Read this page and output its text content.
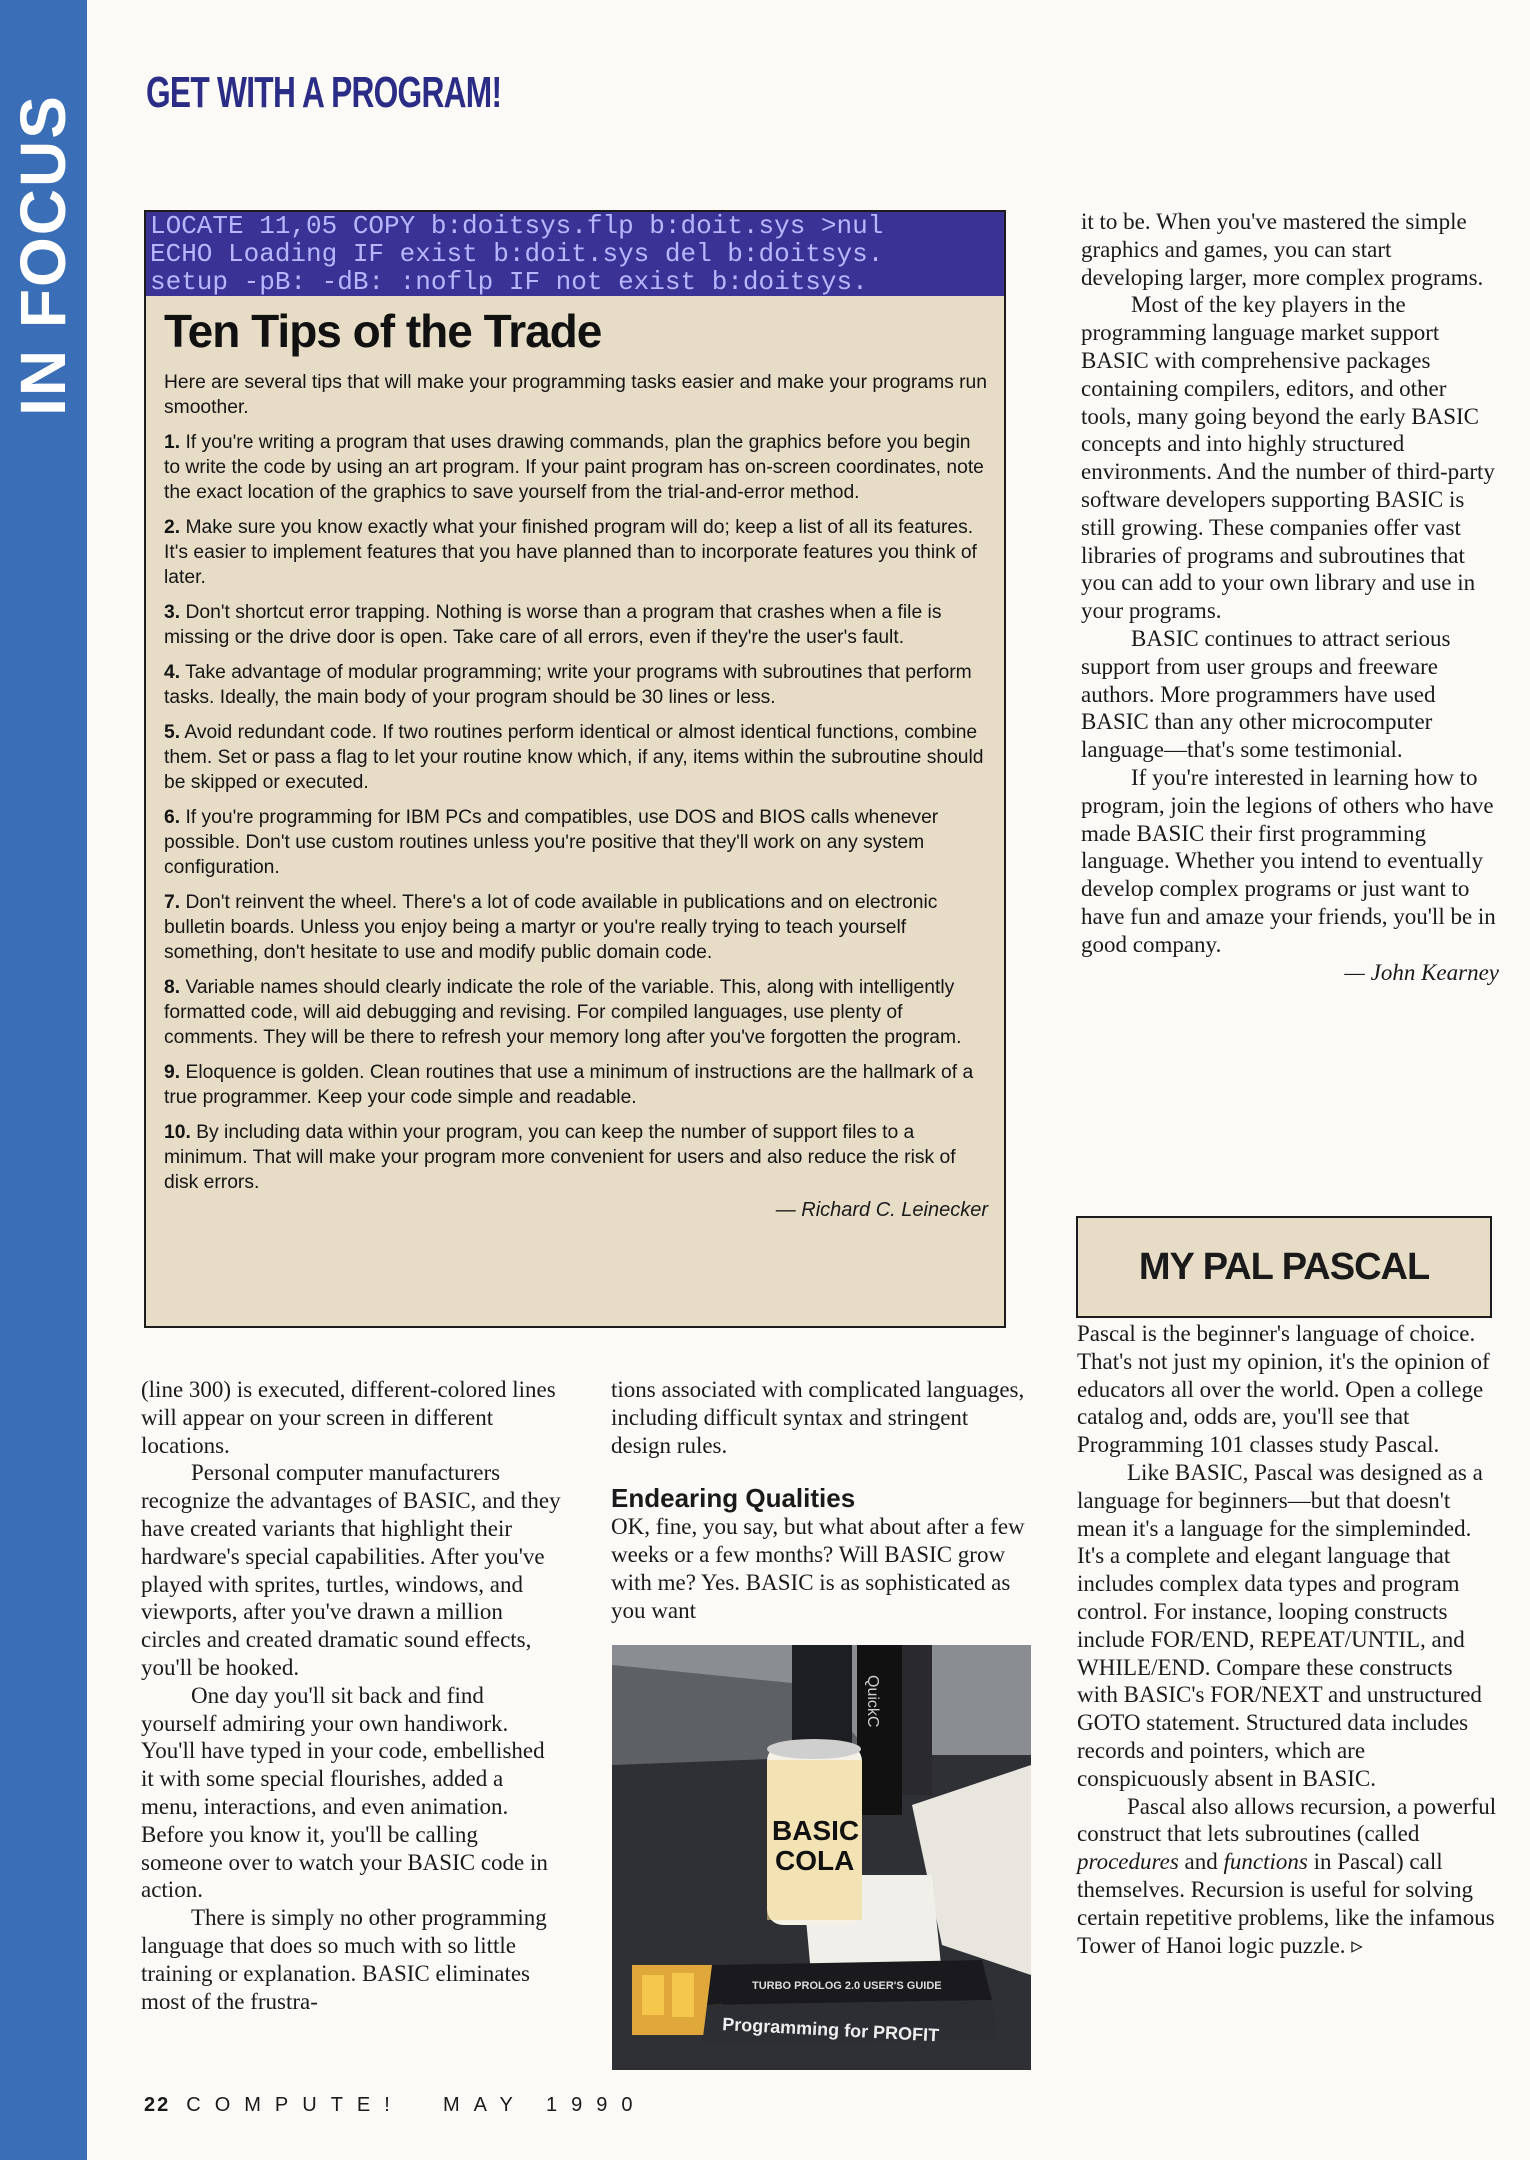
IN FOCUS
GET WITH A PROGRAM!
LOCATE 11,05 COPY b:doitsys.flp b:doit.sys >nul
ECHO Loading IF exist b:doit.sys del b:doitsys.
setup -pB: -dB: :noflp IF not exist b:doitsys.
Ten Tips of the Trade

Here are several tips that will make your programming tasks easier and make your programs run smoother.

1. If you're writing a program that uses drawing commands, plan the graphics before you begin to write the code by using an art program. If your paint program has on-screen coordinates, note the exact location of the graphics to save yourself from the trial-and-error method.

2. Make sure you know exactly what your finished program will do; keep a list of all its features. It's easier to implement features that you have planned than to incorporate features you think of later.

3. Don't shortcut error trapping. Nothing is worse than a program that crashes when a file is missing or the drive door is open. Take care of all errors, even if they're the user's fault.

4. Take advantage of modular programming; write your programs with subroutines that perform tasks. Ideally, the main body of your program should be 30 lines or less.

5. Avoid redundant code. If two routines perform identical or almost identical functions, combine them. Set or pass a flag to let your routine know which, if any, items within the subroutine should be skipped or executed.

6. If you're programming for IBM PCs and compatibles, use DOS and BIOS calls whenever possible. Don't use custom routines unless you're positive that they'll work on any system configuration.

7. Don't reinvent the wheel. There's a lot of code available in publications and on electronic bulletin boards. Unless you enjoy being a martyr or you're really trying to teach yourself something, don't hesitate to use and modify public domain code.

8. Variable names should clearly indicate the role of the variable. This, along with intelligently formatted code, will aid debugging and revising. For compiled languages, use plenty of comments. They will be there to refresh your memory long after you've forgotten the program.

9. Eloquence is golden. Clean routines that use a minimum of instructions are the hallmark of a true programmer. Keep your code simple and readable.

10. By including data within your program, you can keep the number of support files to a minimum. That will make your program more convenient for users and also reduce the risk of disk errors.

— Richard C. Leinecker

(line 300) is executed, different-colored lines will appear on your screen in different locations.

Personal computer manufacturers recognize the advantages of BASIC, and they have created variants that highlight their hardware's special capabilities. After you've played with sprites, turtles, windows, and viewports, after you've drawn a million circles and created dramatic sound effects, you'll be hooked.

One day you'll sit back and find yourself admiring your own handiwork. You'll have typed in your code, embellished it with some special flourishes, added a menu, interactions, and even animation. Before you know it, you'll be calling someone over to watch your BASIC code in action.

There is simply no other programming language that does so much with so little training or explanation. BASIC eliminates most of the frustra-

tions associated with complicated languages, including difficult syntax and stringent design rules.

Endearing Qualities

OK, fine, you say, but what about after a few weeks or a few months? Will BASIC grow with me? Yes. BASIC is as sophisticated as you want

QuickC
BASIC
COLA
TURBO PROLOG 2.0 USER'S GUIDE
Programming for PROFIT

it to be. When you've mastered the simple graphics and games, you can start developing larger, more complex programs.

Most of the key players in the programming language market support BASIC with comprehensive packages containing compilers, editors, and other tools, many going beyond the early BASIC concepts and into highly structured environments. And the number of third-party software developers supporting BASIC is still growing. These companies offer vast libraries of programs and subroutines that you can add to your own library and use in your programs.

BASIC continues to attract serious support from user groups and freeware authors. More programmers have used BASIC than any other microcomputer language—that's some testimonial.

If you're interested in learning how to program, join the legions of others who have made BASIC their first programming language. Whether you intend to eventually develop complex programs or just want to have fun and amaze your friends, you'll be in good company.

— John Kearney

MY PAL PASCAL

Pascal is the beginner's language of choice. That's not just my opinion, it's the opinion of educators all over the world. Open a college catalog and, odds are, you'll see that Programming 101 classes study Pascal.

Like BASIC, Pascal was designed as a language for beginners—but that doesn't mean it's a language for the simpleminded. It's a complete and elegant language that includes complex data types and program control. For instance, looping constructs include FOR/END, REPEAT/UNTIL, and WHILE/END. Compare these constructs with BASIC's FOR/NEXT and unstructured GOTO statement. Structured data includes records and pointers, which are conspicuously absent in BASIC.

Pascal also allows recursion, a powerful construct that lets subroutines (called procedures and functions in Pascal) call themselves. Recursion is useful for solving certain repetitive problems, like the infamous Tower of Hanoi logic puzzle. ▹

22 COMPUTE! MAY 1990
